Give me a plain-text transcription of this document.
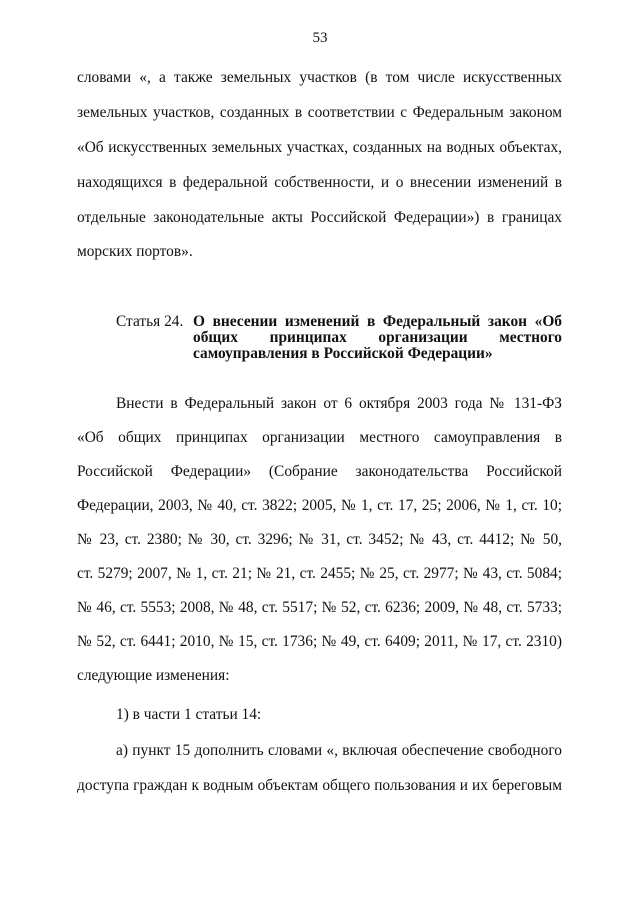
53
словами «, а также земельных участков (в том числе искусственных
земельных участков, созданных в соответствии с Федеральным законом
«Об искусственных земельных участках, созданных на водных объектах,
находящихся в федеральной собственности, и о внесении изменений в
отдельные законодательные акты Российской Федерации») в границах
морских портов».
Статья 24. О внесении изменений в Федеральный закон «Об
общих принципах организации местного
самоуправления в Российской Федерации»
Внести в Федеральный закон от 6 октября 2003 года № 131-ФЗ
«Об общих принципах организации местного самоуправления в
Российской Федерации» (Собрание законодательства Российской
Федерации, 2003, № 40, ст. 3822; 2005, № 1, ст. 17, 25; 2006, № 1, ст. 10;
№ 23, ст. 2380; № 30, ст. 3296; № 31, ст. 3452; № 43, ст. 4412; № 50,
ст. 5279; 2007, № 1, ст. 21; № 21, ст. 2455; № 25, ст. 2977; № 43, ст. 5084;
№ 46, ст. 5553; 2008, № 48, ст. 5517; № 52, ст. 6236; 2009, № 48, ст. 5733;
№ 52, ст. 6441; 2010, № 15, ст. 1736; № 49, ст. 6409; 2011, № 17, ст. 2310)
следующие изменения:
1) в части 1 статьи 14:
а) пункт 15 дополнить словами «, включая обеспечение свободного
доступа граждан к водным объектам общего пользования и их береговым
